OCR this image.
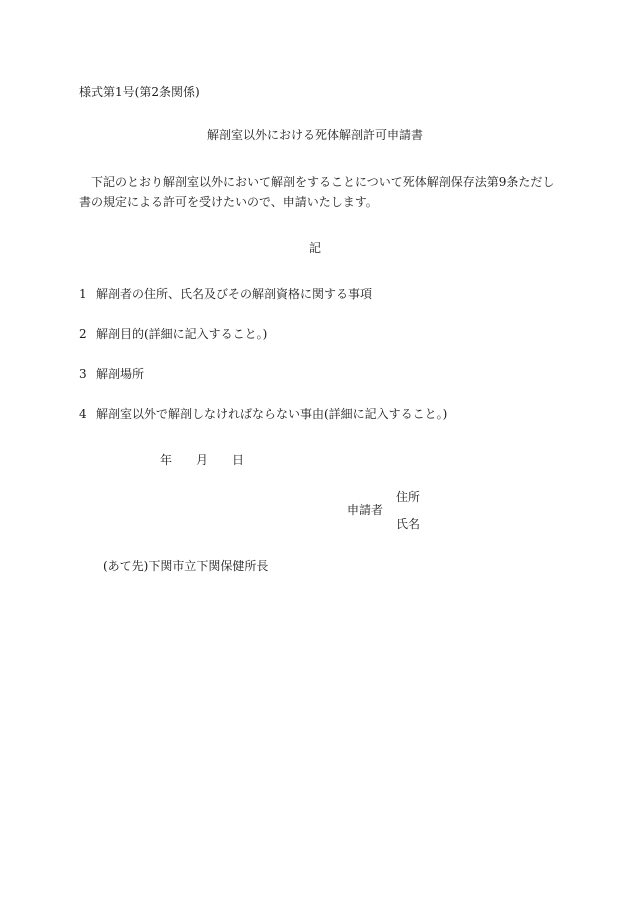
様式第1号(第2条関係)
解剖室以外における死体解剖許可申請書
下記のとおり解剖室以外において解剖をすることについて死体解剖保存法第9条ただし
書の規定による許可を受けたいので、申請いたします。
記
1 解剖者の住所、氏名及びその解剖資格に関する事項
2 解剖目的(詳細に記入すること。)
3 解剖場所
4 解剖室以外で解剖しなければならない事由(詳細に記入すること。)
年 月 日
申請者
住所
氏名
(あて先)下関市立下関保健所長
